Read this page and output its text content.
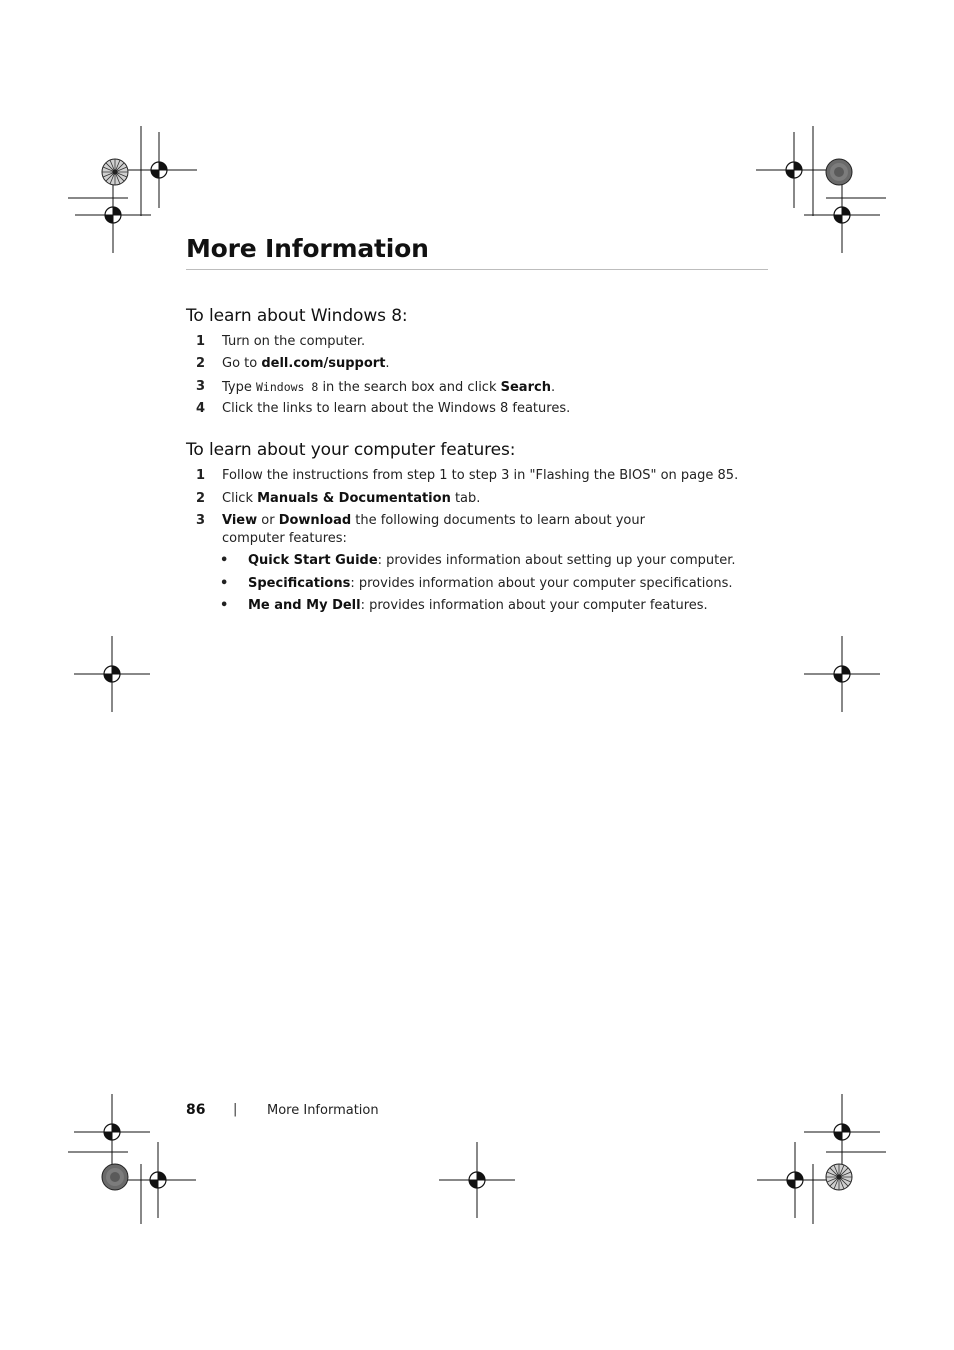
More Information
To learn about Windows 8:
1	Turn on the computer.
2	Go to dell.com/support.
3	Type Windows 8 in the search box and click Search.
4	Click the links to learn about the Windows 8 features.
To learn about your computer features:
1	Follow the instructions from step 1 to step 3 in "Flashing the BIOS" on page 85.
2	Click Manuals & Documentation tab.
3	View or Download the following documents to learn about your
computer features:
• Quick Start Guide: provides information about setting up your computer.
• Specifications: provides information about your computer specifications.
• Me and My Dell: provides information about your computer features.
86 | More Information
